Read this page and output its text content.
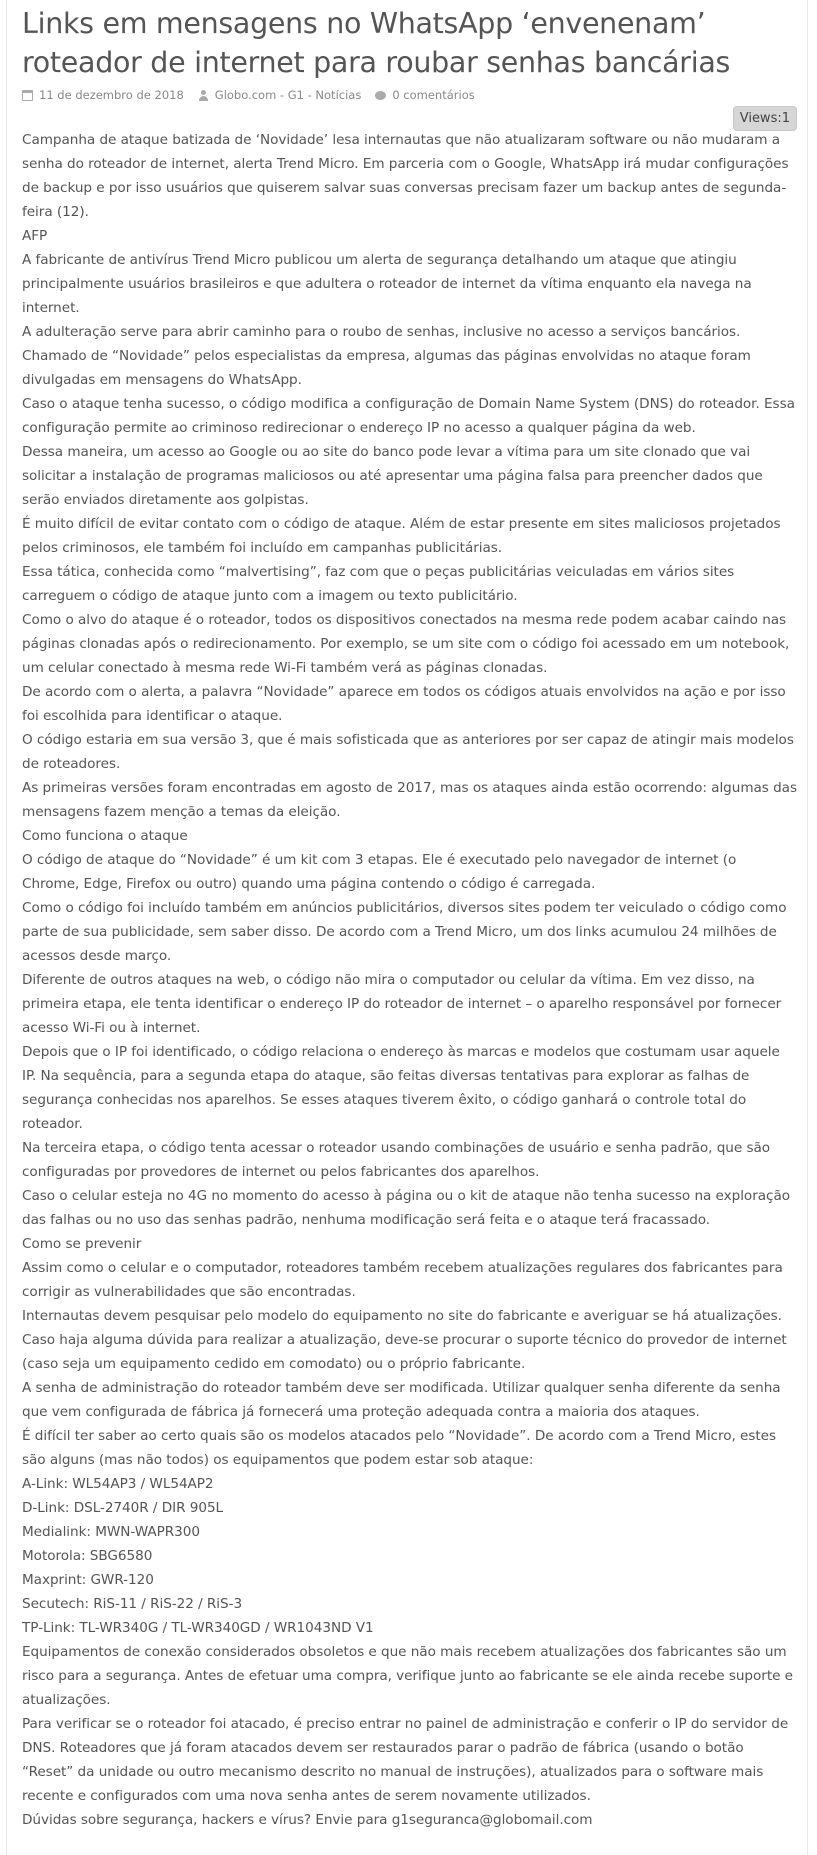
Links em mensagens no WhatsApp ‘envenenam’ roteador de internet para roubar senhas bancárias
11 de dezembro de 2018	Globo.com - G1 - Notícias	0 comentários
Views:1

Campanha de ataque batizada de ‘Novidade’ lesa internautas que não atualizaram software ou não mudaram a senha do roteador de internet, alerta Trend Micro. Em parceria com o Google, WhatsApp irá mudar configurações de backup e por isso usuários que quiserem salvar suas conversas precisam fazer um backup antes de segunda-feira (12).

AFP

A fabricante de antivírus Trend Micro publicou um alerta de segurança detalhando um ataque que atingiu principalmente usuários brasileiros e que adultera o roteador de internet da vítima enquanto ela navega na internet.

A adulteração serve para abrir caminho para o roubo de senhas, inclusive no acesso a serviços bancários. Chamado de “Novidade” pelos especialistas da empresa, algumas das páginas envolvidas no ataque foram divulgadas em mensagens do WhatsApp.

Caso o ataque tenha sucesso, o código modifica a configuração de Domain Name System (DNS) do roteador. Essa configuração permite ao criminoso redirecionar o endereço IP no acesso a qualquer página da web.

Dessa maneira, um acesso ao Google ou ao site do banco pode levar a vítima para um site clonado que vai solicitar a instalação de programas maliciosos ou até apresentar uma página falsa para preencher dados que serão enviados diretamente aos golpistas.

É muito difícil de evitar contato com o código de ataque. Além de estar presente em sites maliciosos projetados pelos criminosos, ele também foi incluído em campanhas publicitárias.

Essa tática, conhecida como “malvertising”, faz com que o peças publicitárias veiculadas em vários sites carreguem o código de ataque junto com a imagem ou texto publicitário.

Como o alvo do ataque é o roteador, todos os dispositivos conectados na mesma rede podem acabar caindo nas páginas clonadas após o redirecionamento. Por exemplo, se um site com o código foi acessado em um notebook, um celular conectado à mesma rede Wi-Fi também verá as páginas clonadas.

De acordo com o alerta, a palavra “Novidade” aparece em todos os códigos atuais envolvidos na ação e por isso foi escolhida para identificar o ataque.

O código estaria em sua versão 3, que é mais sofisticada que as anteriores por ser capaz de atingir mais modelos de roteadores.

As primeiras versões foram encontradas em agosto de 2017, mas os ataques ainda estão ocorrendo: algumas das mensagens fazem menção a temas da eleição.

Como funciona o ataque

O código de ataque do “Novidade” é um kit com 3 etapas. Ele é executado pelo navegador de internet (o Chrome, Edge, Firefox ou outro) quando uma página contendo o código é carregada.

Como o código foi incluído também em anúncios publicitários, diversos sites podem ter veiculado o código como parte de sua publicidade, sem saber disso. De acordo com a Trend Micro, um dos links acumulou 24 milhões de acessos desde março.

Diferente de outros ataques na web, o código não mira o computador ou celular da vítima. Em vez disso, na primeira etapa, ele tenta identificar o endereço IP do roteador de internet – o aparelho responsável por fornecer acesso Wi-Fi ou à internet.

Depois que o IP foi identificado, o código relaciona o endereço às marcas e modelos que costumam usar aquele IP. Na sequência, para a segunda etapa do ataque, são feitas diversas tentativas para explorar as falhas de segurança conhecidas nos aparelhos. Se esses ataques tiverem êxito, o código ganhará o controle total do roteador.

Na terceira etapa, o código tenta acessar o roteador usando combinações de usuário e senha padrão, que são configuradas por provedores de internet ou pelos fabricantes dos aparelhos.

Caso o celular esteja no 4G no momento do acesso à página ou o kit de ataque não tenha sucesso na exploração das falhas ou no uso das senhas padrão, nenhuma modificação será feita e o ataque terá fracassado.

Como se prevenir

Assim como o celular e o computador, roteadores também recebem atualizações regulares dos fabricantes para corrigir as vulnerabilidades que são encontradas.

Internautas devem pesquisar pelo modelo do equipamento no site do fabricante e averiguar se há atualizações. Caso haja alguma dúvida para realizar a atualização, deve-se procurar o suporte técnico do provedor de internet (caso seja um equipamento cedido em comodato) ou o próprio fabricante.

A senha de administração do roteador também deve ser modificada. Utilizar qualquer senha diferente da senha que vem configurada de fábrica já fornecerá uma proteção adequada contra a maioria dos ataques.

É difícil ter saber ao certo quais são os modelos atacados pelo “Novidade”. De acordo com a Trend Micro, estes são alguns (mas não todos) os equipamentos que podem estar sob ataque:

A-Link: WL54AP3 / WL54AP2

D-Link: DSL-2740R / DIR 905L

Medialink: MWN-WAPR300

Motorola: SBG6580

Maxprint: GWR-120

Secutech: RiS-11 / RiS-22 / RiS-3

TP-Link: TL-WR340G / TL-WR340GD / WR1043ND V1

Equipamentos de conexão considerados obsoletos e que não mais recebem atualizações dos fabricantes são um risco para a segurança. Antes de efetuar uma compra, verifique junto ao fabricante se ele ainda recebe suporte e atualizações.

Para verificar se o roteador foi atacado, é preciso entrar no painel de administração e conferir o IP do servidor de DNS. Roteadores que já foram atacados devem ser restaurados parar o padrão de fábrica (usando o botão “Reset” da unidade ou outro mecanismo descrito no manual de instruções), atualizados para o software mais recente e configurados com uma nova senha antes de serem novamente utilizados.

Dúvidas sobre segurança, hackers e vírus? Envie para g1seguranca@globomail.com
